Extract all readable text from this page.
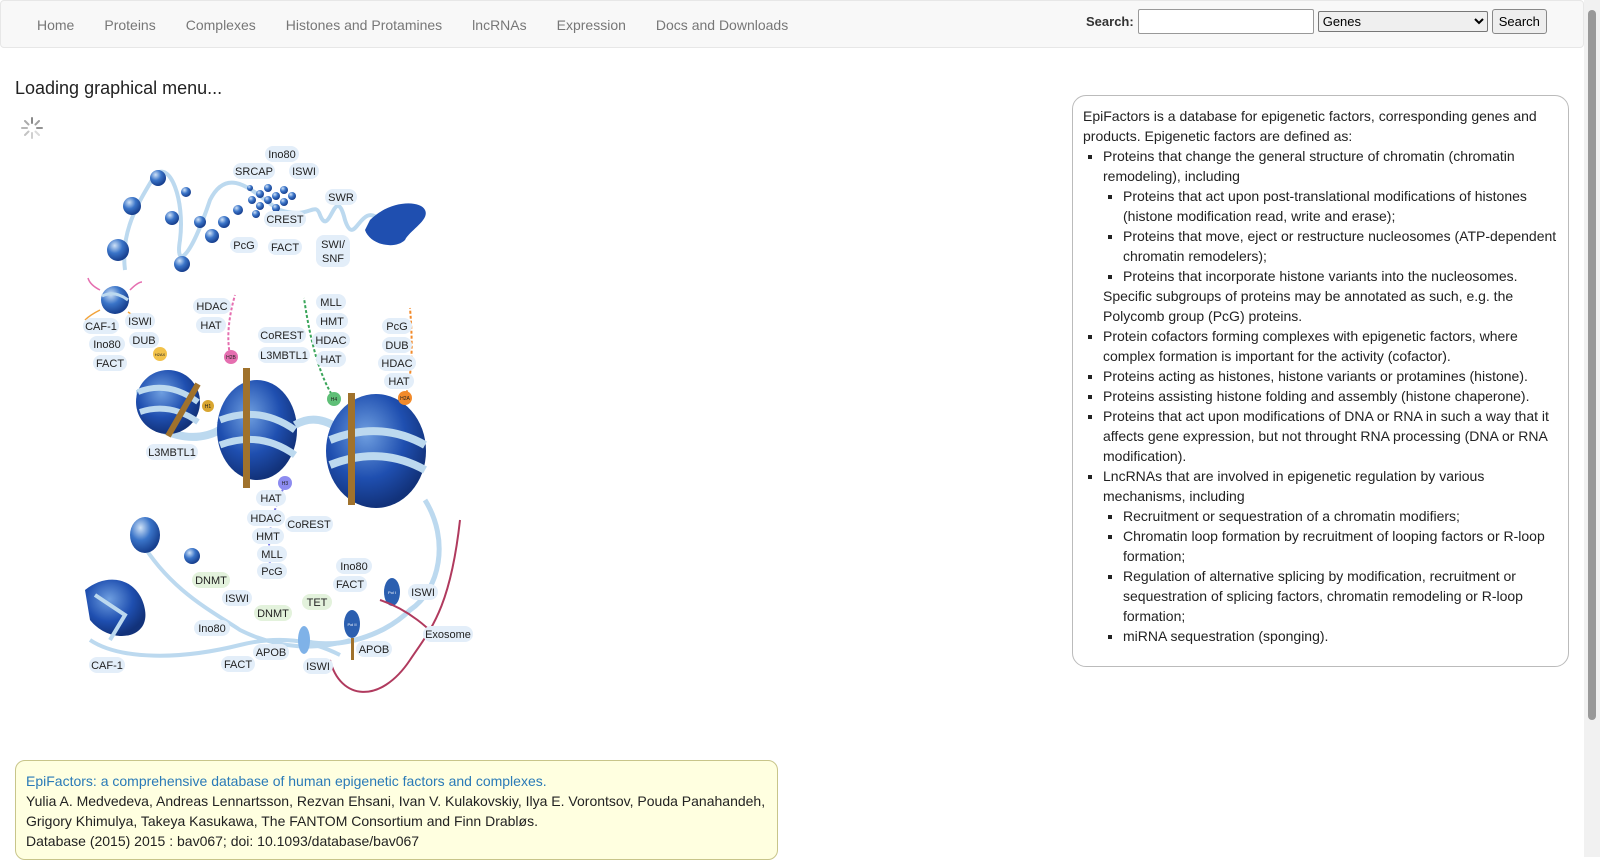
Home	Proteins	Complexes	Histones and Protamines	lncRNAs	Expression	Docs and Downloads	Search:
Genes	Search
Loading graphical menu...
H1
H2AX
H2B
H3
H4	H2A
Pol II
Pol I
Ino80
SRCAP ISWI
SWR
CREST
PcG FACT SWI/
SNF
HDAC
HAT
CAF-1 ISWI
Ino80 DUB
FACT
MLL
HMT
CoREST HDAC
L3MBTL1 HAT
PcG
DUB
HDAC
HAT
L3MBTL1
HAT
HDAC CoREST
HMT
MLL
PcG	Ino80
FACT
ISWI
DNMT
ISWI
DNMT
TET
Exosome
Ino80
APOB	APOB
CAF-1	FACT	ISWI
EpiFactors is a database for epigenetic factors, corresponding genes and products. Epigenetic factors are defined as:
▪ Proteins that change the general structure of chromatin (chromatin remodeling), including
▪ Proteins that act upon post-translational modifications of histones (histone modification read, write and erase);
▪ Proteins that move, eject or restructure nucleosomes (ATP-dependent chromatin remodelers);
▪ Proteins that incorporate histone variants into the nucleosomes.
Specific subgroups of proteins may be annotated as such, e.g. the Polycomb group (PcG) proteins.
▪ Protein cofactors forming complexes with epigenetic factors, where complex formation is important for the activity (cofactor).
▪ Proteins acting as histones, histone variants or protamines (histone).
▪ Proteins assisting histone folding and assembly (histone chaperone).
▪ Proteins that act upon modifications of DNA or RNA in such a way that it affects gene expression, but not throught RNA processing (DNA or RNA modification).
▪ LncRNAs that are involved in epigenetic regulation by various mechanisms, including
▪ Recruitment or sequestration of a chromatin modifiers;
▪ Chromatin loop formation by recruitment of looping factors or R-loop formation;
▪ Regulation of alternative splicing by modification, recruitment or sequestration of splicing factors, chromatin remodeling or R-loop formation;
▪ miRNA sequestration (sponging).
EpiFactors: a comprehensive database of human epigenetic factors and complexes.
Yulia A. Medvedeva, Andreas Lennartsson, Rezvan Ehsani, Ivan V. Kulakovskiy, Ilya E. Vorontsov, Pouda Panahandeh, Grigory Khimulya, Takeya Kasukawa, The FANTOM Consortium and Finn Drabløs.
Database (2015) 2015 : bav067; doi: 10.1093/database/bav067
